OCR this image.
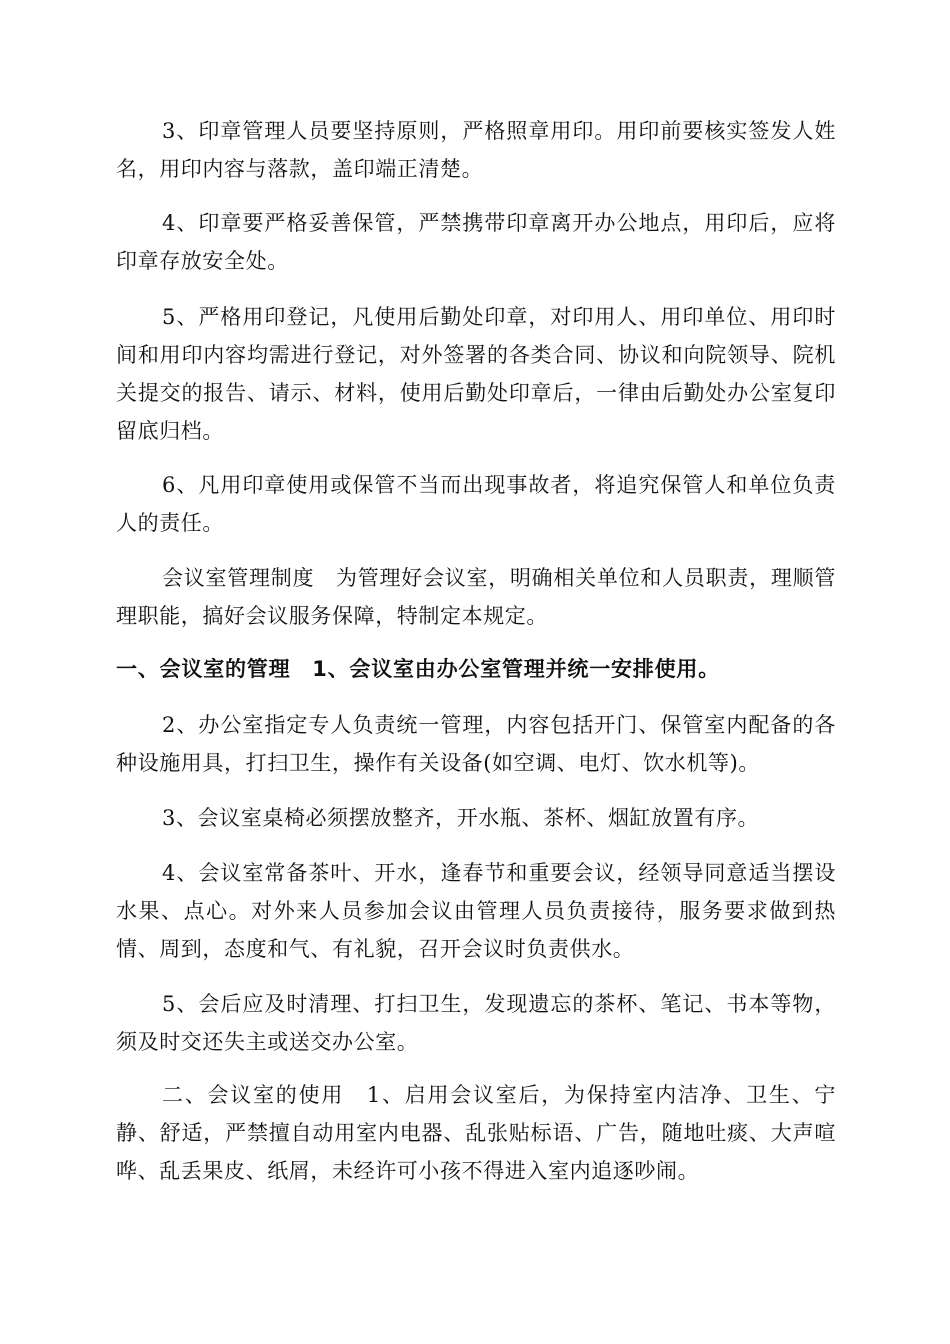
3、印章管理人员要坚持原则，严格照章用印。用印前要核实签发人姓名，用印内容与落款，盖印端正清楚。

4、印章要严格妥善保管，严禁携带印章离开办公地点，用印后，应将印章存放安全处。

5、严格用印登记，凡使用后勤处印章，对印用人、用印单位、用印时间和用印内容均需进行登记，对外签署的各类合同、协议和向院领导、院机关提交的报告、请示、材料，使用后勤处印章后，一律由后勤处办公室复印留底归档。

6、凡用印章使用或保管不当而出现事故者，将追究保管人和单位负责人的责任。

会议室管理制度　为管理好会议室，明确相关单位和人员职责，理顺管理职能，搞好会议服务保障，特制定本规定。

一、会议室的管理　1、会议室由办公室管理并统一安排使用。

2、办公室指定专人负责统一管理，内容包括开门、保管室内配备的各种设施用具，打扫卫生，操作有关设备(如空调、电灯、饮水机等)。

3、会议室桌椅必须摆放整齐，开水瓶、茶杯、烟缸放置有序。

4、会议室常备茶叶、开水，逢春节和重要会议，经领导同意适当摆设水果、点心。对外来人员参加会议由管理人员负责接待，服务要求做到热情、周到，态度和气、有礼貌，召开会议时负责供水。

5、会后应及时清理、打扫卫生，发现遗忘的茶杯、笔记、书本等物，须及时交还失主或送交办公室。

二、会议室的使用　1、启用会议室后，为保持室内洁净、卫生、宁静、舒适，严禁擅自动用室内电器、乱张贴标语、广告，随地吐痰、大声喧哗、乱丢果皮、纸屑，未经许可小孩不得进入室内追逐吵闹。
